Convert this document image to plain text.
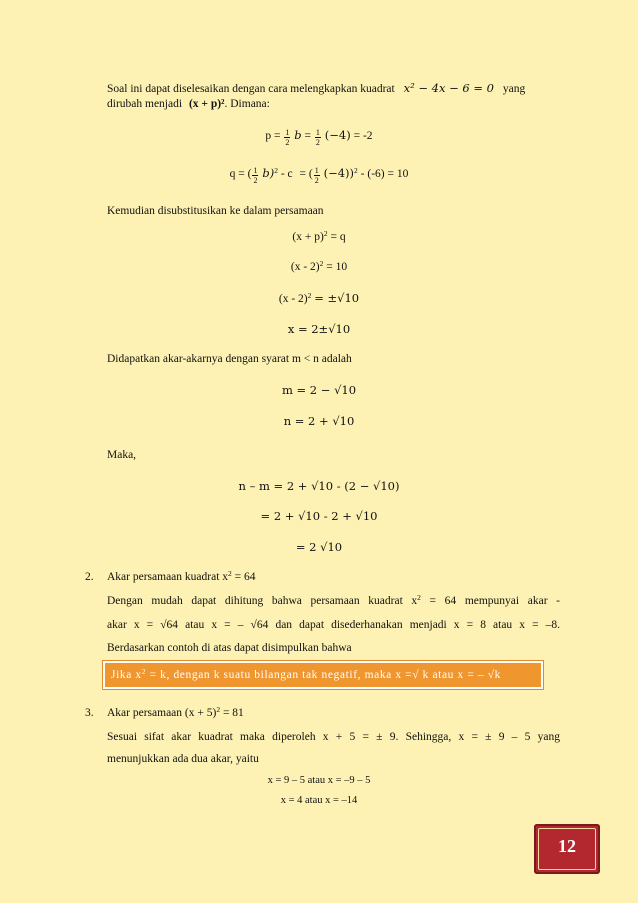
Soal ini dapat diselesaikan dengan cara melengkapkan kuadrat x² − 4x − 6 = 0 yang
dirubah menjadi (x + p)². Dimana:
$p = \frac{1}{2}$ $b = \frac{1}{2} (-4) = -2$
q = ( $\frac{1}{2} b)^2$ - c = ( $\frac{1}{2} (-4))^2 - (-6) = 10$
Kemudian disubstitusikan ke dalam persamaan
$(x + p)^2 = q$
(x - 2)$^2$ = 10
(x - 2)$^2$ = ±√10
x = 2±√10
Didapatkan akar-akarnya dengan syarat m < n adalah
m = 2 − √10
n = 2 + √10
Maka,
n – m = 2 + √10 - (2 − √10)
= 2 + √10 - 2 + √10
= 2 √10
2. Akar persamaan kuadrat $x^2 = 64$
Dengan mudah dapat dihitung bahwa persamaan kuadrat $x^2 = 64$ mempunyai akar -
akar x = √64 atau x = – √64 dan dapat disederhanakan menjadi x = 8 atau x = –8.
Berdasarkan contoh di atas dapat disimpulkan bahwa
Jika $x^2 = k$, dengan k suatu bilangan tak negatif, maka x =√ k atau x = – √k
3. Akar persamaan $(x + 5)^2 = 81$
Sesuai sifat akar kuadrat maka diperoleh x + 5 = ± 9. Sehingga, x = ± 9 – 5 yang
menunjukkan ada dua akar, yaitu
x = 9 – 5 atau x = –9 – 5
x = 4 atau x = –14
12
